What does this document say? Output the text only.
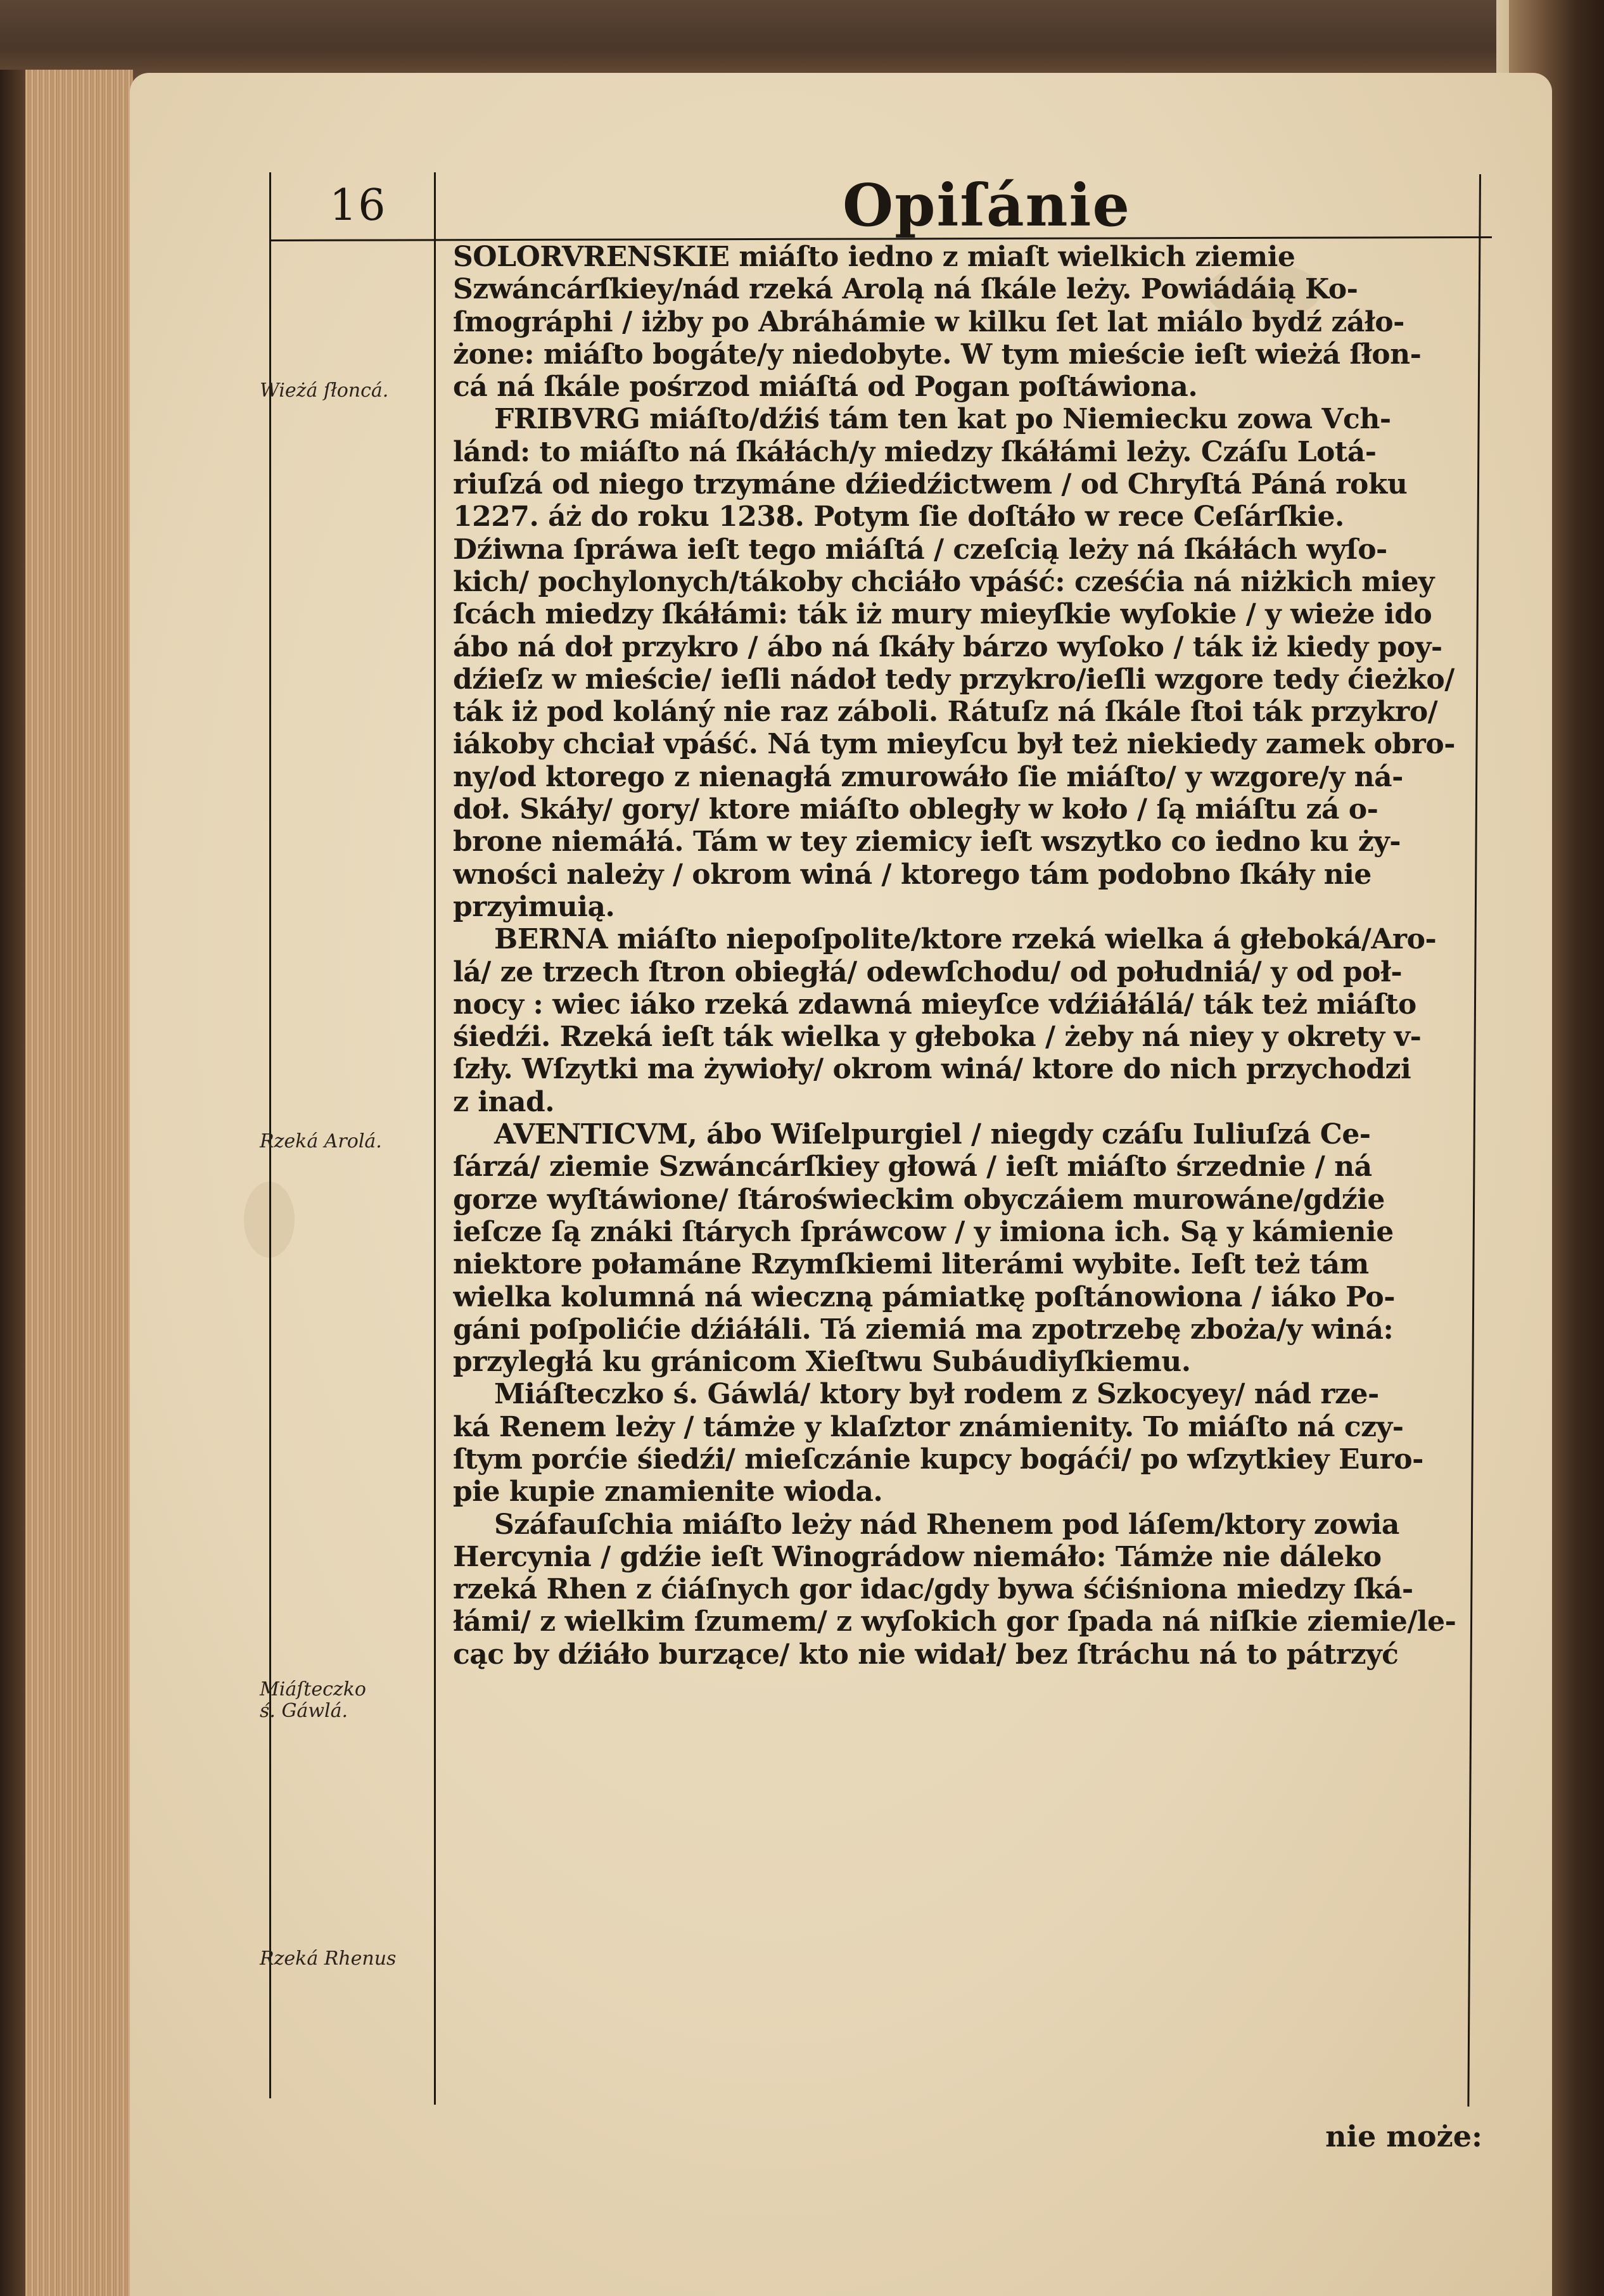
16	Opiſánie
Wieżá ſłoncá.
Rzeká Arolá.
Miáſteczko
ś. Gáwlá.
Rzeká Rhenus
SOLORVRENSKIE miáſto iedno z miaſt wielkich ziemie
Szwáncárſkiey/nád rzeká Arolą ná ſkále leży. Powiádáią Ko-
ſmográphi / iżby po Abráhámie w kilku ſet lat miálo bydź záło-
żone: miáſto bogáte/y niedobyte. W tym mieście ieſt wieżá ſłon-
cá ná ſkále pośrzod miáſtá od Pogan poſtáwiona.
FRIBVRG miáſto/dźiś tám ten kat po Niemiecku zowa Vch-
lánd: to miáſto ná ſkáłách/y miedzy ſkáłámi leży. Czáſu Lotá-
riuſzá od niego trzymáne dźiedźictwem / od Chryſtá Páná roku
1227. áż do roku 1238. Potym ſie doſtáło w rece Ceſárſkie.
Dźiwna ſpráwa ieſt tego miáſtá / czeſcią leży ná ſkáłách wyſo-
kich/ pochylonych/tákoby chciáło vpáść: cześćia ná niżkich miey
ſcách miedzy ſkáłámi: ták iż mury mieyſkie wyſokie / y wieże ido
ábo ná doł przykro / ábo ná ſkáły bárzo wyſoko / ták iż kiedy poy-
dźieſz w mieście/ ieſli nádoł tedy przykro/ieſli wzgore tedy ćieżko/
ták iż pod koláný nie raz záboli. Rátuſz ná ſkále ſtoi ták przykro/
iákoby chciał vpáść. Ná tym mieyſcu był też niekiedy zamek obro-
ny/od ktorego z nienagłá zmurowáło ſie miáſto/ y wzgore/y ná-
doł. Skáły/ gory/ ktore miáſto obległy w koło / ſą miáſtu zá o-
brone niemáłá. Tám w tey ziemicy ieſt wszytko co iedno ku ży-
wności należy / okrom winá / ktorego tám podobno ſkáły nie
przyimuią.
BERNA miáſto niepoſpolite/ktore rzeká wielka á głeboká/Aro-
lá/ ze trzech ſtron obiegłá/ odewſchodu/ od południá/ y od poł-
nocy : wiec iáko rzeká zdawná mieyſce vdźiáłálá/ ták też miáſto
śiedźi. Rzeká ieſt ták wielka y głeboka / żeby ná niey y okrety v-
ſzły. Wſzytki ma żywioły/ okrom winá/ ktore do nich przychodzi
z inad.
AVENTICVM, ábo Wiſelpurgiel / niegdy czáſu Iuliuſzá Ce-
ſárzá/ ziemie Szwáncárſkiey głowá / ieſt miáſto śrzednie / ná
gorze wyſtáwione/ ſtároświeckim obyczáiem murowáne/gdźie
ieſcze ſą znáki ſtárych ſpráwcow / y imiona ich. Są y kámienie
niektore połamáne Rzymſkiemi literámi wybite. Ieſt też tám
wielka kolumná ná wieczną pámiatkę poſtánowiona / iáko Po-
gáni poſpolićie dźiáłáli. Tá ziemiá ma zpotrzebę zboża/y winá:
przyległá ku gránicom Xieſtwu Subáudiyſkiemu.
Miáſteczko ś. Gáwlá/ ktory był rodem z Szkocyey/ nád rze-
ká Renem leży / támże y klaſztor známienity. To miáſto ná czy-
ſtym porćie śiedźi/ mieſczánie kupcy bogáći/ po wſzytkiey Euro-
pie kupie znamienite wioda.
Száfauſchia miáſto leży nád Rhenem pod láſem/ktory zowia
Hercynia / gdźie ieſt Winográdow niemáło: Támże nie dáleko
rzeká Rhen z ćiáſnych gor idac/gdy bywa śćiśniona miedzy ſká-
łámi/ z wielkim ſzumem/ z wyſokich gor ſpada ná niſkie ziemie/le-
cąc by dźiáło burzące/ kto nie widał/ bez ſtráchu ná to pátrzyć
nie może:
